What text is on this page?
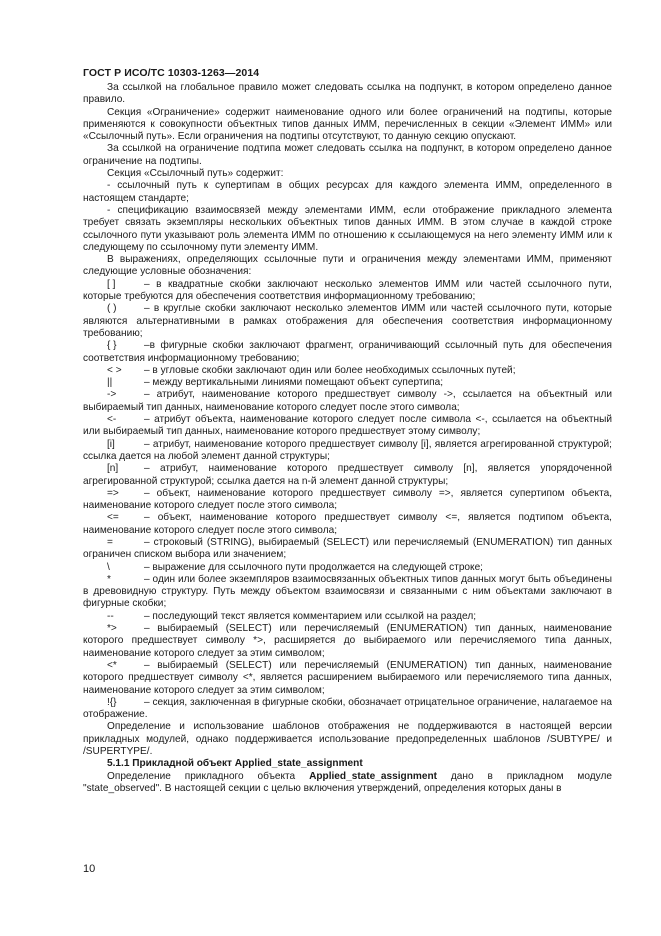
ГОСТ Р ИСО/ТС 10303-1263—2014

За ссылкой на глобальное правило может следовать ссылка на подпункт, в котором определено данное правило.

Секция «Ограничение» содержит наименование одного или более ограничений на подтипы, которые применяются к совокупности объектных типов данных ИММ, перечисленных в секции «Элемент ИММ» или «Ссылочный путь». Если ограничения на подтипы отсутствуют, то данную секцию опускают.

За ссылкой на ограничение подтипа может следовать ссылка на подпункт, в котором определено данное ограничение на подтипы.

Секция «Ссылочный путь» содержит:

- ссылочный путь к супертипам в общих ресурсах для каждого элемента ИММ, определенного в настоящем стандарте;

- спецификацию взаимосвязей между элементами ИММ, если отображение прикладного элемента требует связать экземпляры нескольких объектных типов данных ИММ. В этом случае в каждой строке ссылочного пути указывают роль элемента ИММ по отношению к ссылающемуся на него элементу ИММ или к следующему по ссылочному пути элементу ИММ.

В выражениях, определяющих ссылочные пути и ограничения между элементами ИММ, применяют следующие условные обозначения:

[ ]	– в квадратные скобки заключают несколько элементов ИММ или частей ссылочного пути, которые требуются для обеспечения соответствия информационному требованию;

( )	– в круглые скобки заключают несколько элементов ИММ или частей ссылочного пути, которые являются альтернативными в рамках отображения для обеспечения соответствия информационному требованию;

{ }	–в фигурные скобки заключают фрагмент, ограничивающий ссылочный путь для обеспечения соответствия информационному требованию;

< > – в угловые скобки заключают один или более необходимых ссылочных путей;

||	– между вертикальными линиями помещают объект супертипа;

->	– атрибут, наименование которого предшествует символу ->, ссылается на объектный или выбираемый тип данных, наименование которого следует после этого символа;

<-	– атрибут объекта, наименование которого следует после символа <-, ссылается на объектный или выбираемый тип данных, наименование которого предшествует этому символу;

[i]	– атрибут, наименование которого предшествует символу [i], является агрегированной структурой; ссылка дается на любой элемент данной структуры;

[n]	– атрибут, наименование которого предшествует символу [n], является упорядоченной агрегированной структурой; ссылка дается на n-й элемент данной структуры;

=> – объект, наименование которого предшествует символу =>, является супертипом объекта, наименование которого следует после этого символа;

<= – объект, наименование которого предшествует символу <=, является подтипом объекта, наименование которого следует после этого символа;

=	– строковый (STRING), выбираемый (SELECT) или перечисляемый (ENUMERATION) тип данных ограничен списком выбора или значением;

\	– выражение для ссылочного пути продолжается на следующей строке;

*	– один или более экземпляров взаимосвязанных объектных типов данных могут быть объединены в древовидную структуру. Путь между объектом взаимосвязи и связанными с ним объектами заключают в фигурные скобки;

--	– последующий текст является комментарием или ссылкой на раздел;

*>	– выбираемый (SELECT) или перечисляемый (ENUMERATION) тип данных, наименование которого предшествует символу *>, расширяется до выбираемого или перечисляемого типа данных, наименование которого следует за этим символом;

<*	– выбираемый (SELECT) или перечисляемый (ENUMERATION) тип данных, наименование которого предшествует символу <*, является расширением выбираемого или перечисляемого типа данных, наименование которого следует за этим символом;

!{}	– секция, заключенная в фигурные скобки, обозначает отрицательное ограничение, налагаемое на отображение.

Определение и использование шаблонов отображения не поддерживаются в настоящей версии прикладных модулей, однако поддерживается использование предопределенных шаблонов /SUBTYPE/ и /SUPERTYPE/.

5.1.1 Прикладной объект Applied_state_assignment

Определение прикладного объекта Applied_state_assignment дано в прикладном модуле "state_observed". В настоящей секции с целью включения утверждений, определения которых даны в

10
